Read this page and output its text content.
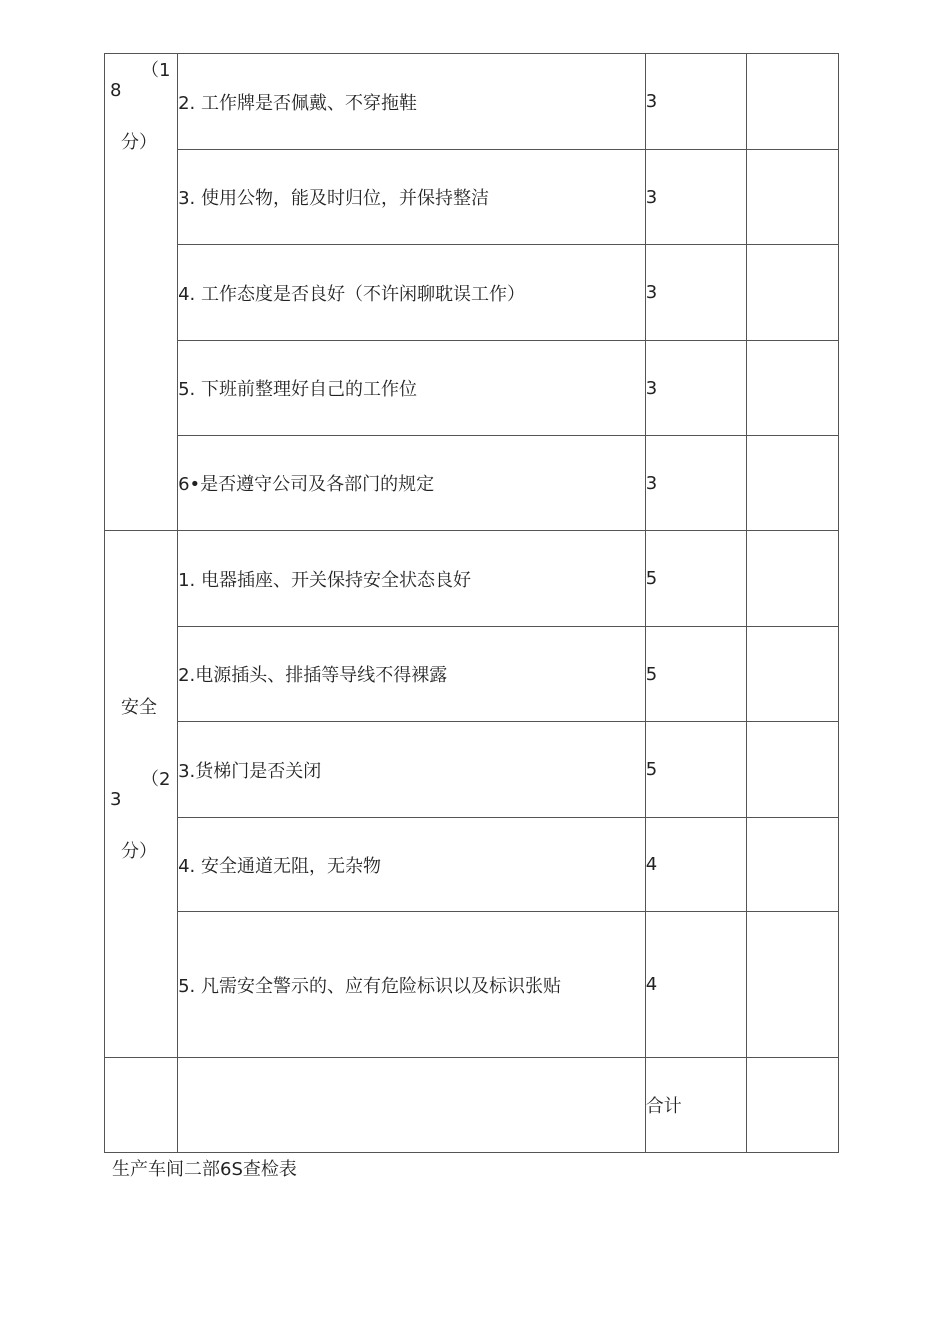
（1
8
分）	2. 工作牌是否佩戴、不穿拖鞋	3	
	3. 使用公物，能及时归位，并保持整洁	3	
	4. 工作态度是否良好（不许闲聊耽误工作）	3	
	5. 下班前整理好自己的工作位	3	
	6•是否遵守公司及各部门的规定	3	

安全
（2
3
分）	1. 电器插座、开关保持安全状态良好	5	
	2.电源插头、排插等导线不得裸露	5	
	3.货梯门是否关闭	5	
	4. 安全通道无阻，无杂物	4	
	5. 凡需安全警示的、应有危险标识以及标识张贴	4	
		合计	
生产车间二部6S查检表
